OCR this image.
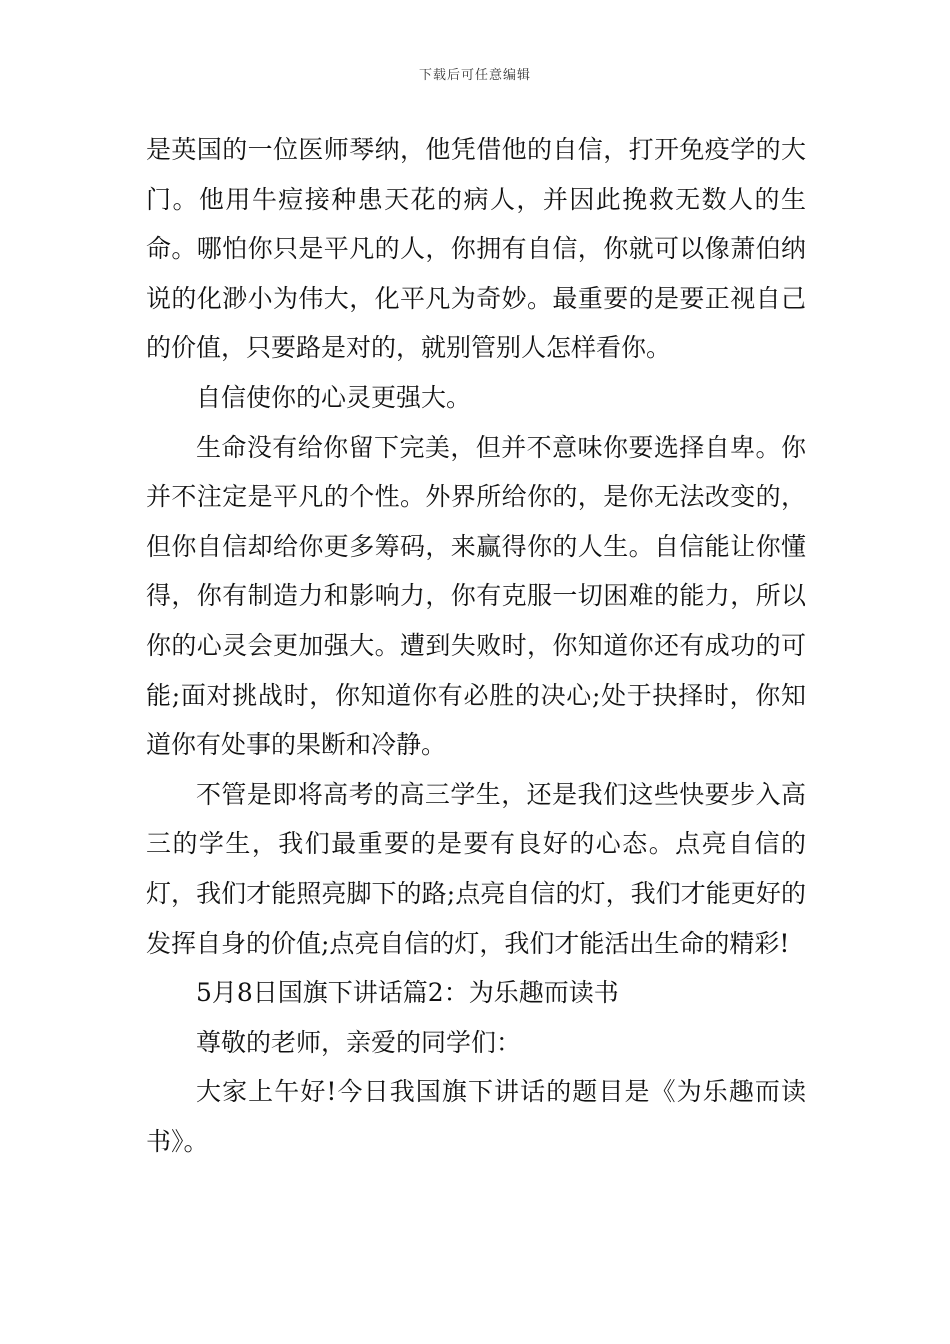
下载后可任意编辑

是英国的一位医师琴纳，他凭借他的自信，打开免疫学的大门。他用牛痘接种患天花的病人，并因此挽救无数人的生命。哪怕你只是平凡的人，你拥有自信，你就可以像萧伯纳说的化渺小为伟大，化平凡为奇妙。最重要的是要正视自己的价值，只要路是对的，就别管别人怎样看你。

自信使你的心灵更强大。

生命没有给你留下完美，但并不意味你要选择自卑。你并不注定是平凡的个性。外界所给你的，是你无法改变的，但你自信却给你更多筹码，来赢得你的人生。自信能让你懂得，你有制造力和影响力，你有克服一切困难的能力，所以你的心灵会更加强大。遭到失败时，你知道你还有成功的可能;面对挑战时，你知道你有必胜的决心;处于抉择时，你知道你有处事的果断和冷静。

不管是即将高考的高三学生，还是我们这些快要步入高三的学生，我们最重要的是要有良好的心态。点亮自信的灯，我们才能照亮脚下的路;点亮自信的灯，我们才能更好的发挥自身的价值;点亮自信的灯，我们才能活出生命的精彩!

5月8日国旗下讲话篇2：为乐趣而读书

尊敬的老师，亲爱的同学们：

大家上午好!今日我国旗下讲话的题目是《为乐趣而读书》。
